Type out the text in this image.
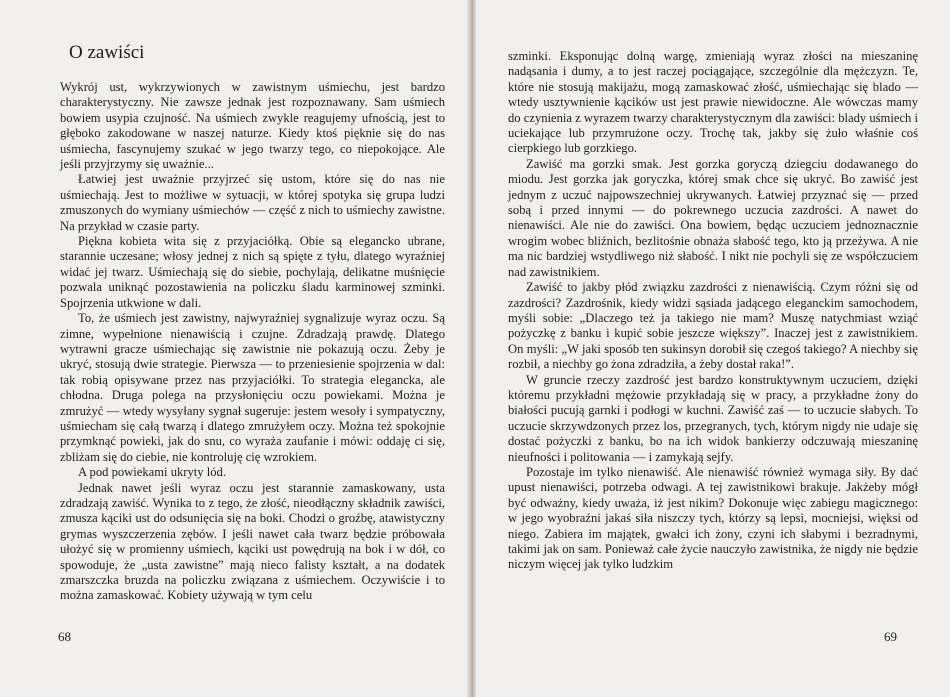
O zawiści

Wykrój ust, wykrzywionych w zawistnym uśmiechu, jest bardzo charakterystyczny. Nie zawsze jednak jest rozpoznawany. Sam uśmiech bowiem usypia czujność. Na uśmiech zwykle reagujemy ufnością, jest to głęboko zakodowane w naszej naturze. Kiedy ktoś pięknie się do nas uśmiecha, fascynujemy szukać w jego twarzy tego, co niepokojące. Ale jeśli przyjrzymy się uważnie...

Łatwiej jest uważnie przyjrzeć się ustom, które się do nas nie uśmiechają. Jest to możliwe w sytuacji, w której spotyka się grupa ludzi zmuszonych do wymiany uśmiechów — część z nich to uśmiechy zawistne. Na przykład w czasie party.

Piękna kobieta wita się z przyjaciółką. Obie są elegancko ubrane, starannie uczesane; włosy jednej z nich są spięte z tyłu, dlatego wyraźniej widać jej twarz. Uśmiechają się do siebie, pochylają, delikatne muśnięcie pozwala uniknąć pozostawienia na policzku śladu karminowej szminki. Spojrzenia utkwione w dali.

To, że uśmiech jest zawistny, najwyraźniej sygnalizuje wyraz oczu. Są zimne, wypełnione nienawiścią i czujne. Zdradzają prawdę. Dlatego wytrawni gracze uśmiechając się zawistnie nie pokazują oczu. Żeby je ukryć, stosują dwie strategie. Pierwsza — to przeniesienie spojrzenia w dal: tak robią opisywane przez nas przyjaciółki. To strategia elegancka, ale chłodna. Druga polega na przysłonięciu oczu powiekami. Można je zmrużyć — wtedy wysyłany sygnał sugeruje: jestem wesoły i sympatyczny, uśmiecham się całą twarzą i dlatego zmrużyłem oczy. Można też spokojnie przymknąć powieki, jak do snu, co wyraża zaufanie i mówi: oddaję ci się, zbliżam się do ciebie, nie kontroluję cię wzrokiem.

A pod powiekami ukryty lód.

Jednak nawet jeśli wyraz oczu jest starannie zamaskowany, usta zdradzają zawiść. Wynika to z tego, że złość, nieodłączny składnik zawiści, zmusza kąciki ust do odsunięcia się na boki. Chodzi o groźbę, atawistyczny grymas wyszczerzenia zębów. I jeśli nawet cała twarz będzie próbowała ułożyć się w promienny uśmiech, kąciki ust powędrują na bok i w dół, co spowoduje, że „usta zawistne” mają nieco falisty kształt, a na dodatek zmarszczka bruzda na policzku związana z uśmiechem. Oczywiście i to można zamaskować. Kobiety używają w tym celu

68

szminki. Eksponując dolną wargę, zmieniają wyraz złości na mieszaninę nadąsania i dumy, a to jest raczej pociągające, szczególnie dla mężczyzn. Te, które nie stosują makijażu, mogą zamaskować złość, uśmiechając się blado — wtedy usztywnienie kącików ust jest prawie niewidoczne. Ale wówczas mamy do czynienia z wyrazem twarzy charakterystycznym dla zawiści: blady uśmiech i uciekające lub przymrużone oczy. Trochę tak, jakby się żuło właśnie coś cierpkiego lub gorzkiego.

Zawiść ma gorzki smak. Jest gorzka goryczą dziegciu dodawanego do miodu. Jest gorzka jak goryczka, której smak chce się ukryć. Bo zawiść jest jednym z uczuć najpowszechniej ukrywanych. Łatwiej przyznać się — przed sobą i przed innymi — do pokrewnego uczucia zazdrości. A nawet do nienawiści. Ale nie do zawiści. Ona bowiem, będąc uczuciem jednoznacznie wrogim wobec bliźnich, bezlitośnie obnaża słabość tego, kto ją przeżywa. A nie ma nic bardziej wstydliwego niż słabość. I nikt nie pochyli się ze współczuciem nad zawistnikiem.

Zawiść to jakby płód związku zazdrości z nienawiścią. Czym różni się od zazdrości? Zazdrośnik, kiedy widzi sąsiada jadącego eleganckim samochodem, myśli sobie: „Dlaczego też ja takiego nie mam? Muszę natychmiast wziąć pożyczkę z banku i kupić sobie jeszcze większy”. Inaczej jest z zawistnikiem. On myśli: „W jaki sposób ten sukinsyn dorobił się czegoś takiego? A niechby się rozbił, a niechby go żona zdradziła, a żeby dostał raka!”.

W gruncie rzeczy zazdrość jest bardzo konstruktywnym uczuciem, dzięki któremu przykładni mężowie przykładają się w pracy, a przykładne żony do białości pucują garnki i podłogi w kuchni. Zawiść zaś — to uczucie słabych. To uczucie skrzywdzonych przez los, przegranych, tych, którym nigdy nie udaje się dostać pożyczki z banku, bo na ich widok bankierzy odczuwają mieszaninę nieufności i politowania — i zamykają sejfy.

Pozostaje im tylko nienawiść. Ale nienawiść również wymaga siły. By dać upust nienawiści, potrzeba odwagi. A tej zawistnikowi brakuje. Jakżeby mógł być odważny, kiedy uważa, iż jest nikim? Dokonuje więc zabiegu magicznego: w jego wyobraźni jakaś siła niszczy tych, którzy są lepsi, mocniejsi, więksi od niego. Zabiera im majątek, gwałci ich żony, czyni ich słabymi i bezradnymi, takimi jak on sam. Ponieważ całe życie nauczyło zawistnika, że nigdy nie będzie niczym więcej jak tylko ludzkim

69
